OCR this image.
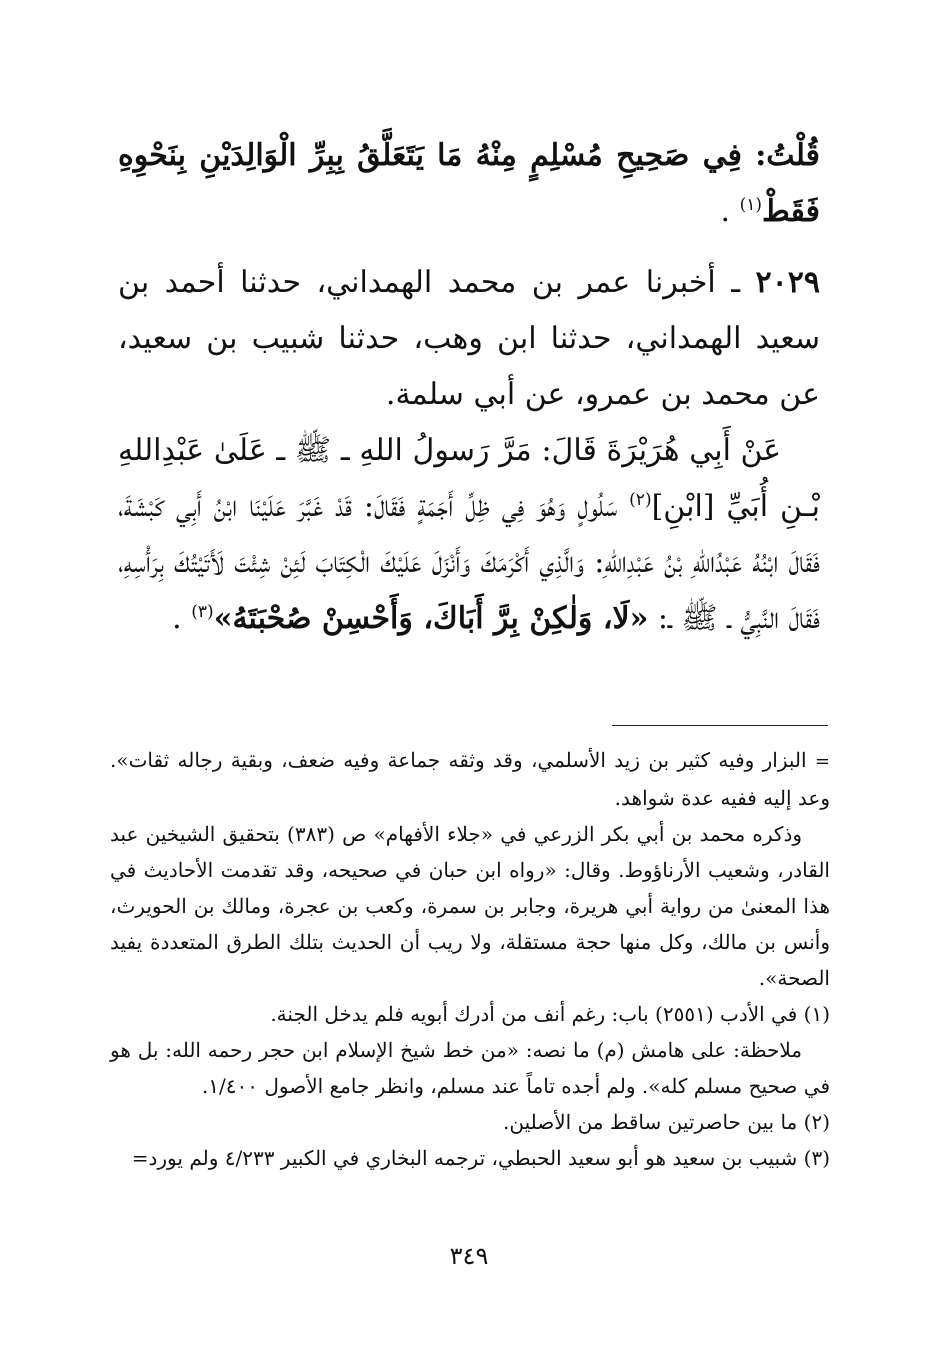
قُلْتُ: فِي صَحِيحِ مُسْلِمٍ مِنْهُ مَا يَتَعَلَّقُ بِبِرِّ الْوَالِدَيْنِ بِنَحْوِهِ فَقَطْ$^{(١)}$ .

٢٠٢٩ ـ أخبرنا عمر بن محمد الهمداني، حدثنا أحمد بن سعيد الهمداني، حدثنا ابن وهب، حدثنا شبيب بن سعيد، عن محمد بن عمرو، عن أبي سلمة.

عَنْ أَبِي هُرَيْرَةَ قَالَ: مَرَّ رَسولُ اللهِ ـ ﷺ ـ عَلَىٰ عَبْدِاللهِ بْـنِ أُبَيِّ [ابْنِ]$^{(٢)}$ سَلُولٍ وَهُوَ فِي ظِلِّ أَجَمَةٍ فَقَالَ: قَدْ غَبَّرَ عَلَيْنَا ابْنُ أَبِي كَبْشَةَ، فَقَالَ ابْنُهُ عَبْدُاللهِ بْنُ عَبْدِاللهِ: وَالَّذِي أَكْرَمَكَ وَأَنْزَلَ عَلَيْكَ الْكِتَابَ لَئِنْ شِئْتَ لَأَتَيْتُكَ بِرَأْسِهِ، فَقَالَ النَّبِيُّ ـ ﷺ ـ: «لَا، وَلٰكِنْ بِرَّ أَبَاكَ، وَأَحْسِنْ صُحْبَتَهُ»$^{(٣)}$ .

= البزار وفيه كثير بن زيد الأسلمي، وقد وثقه جماعة وفيه ضعف، وبقية رجاله ثقات». وعد إليه ففيه عدة شواهد.

وذكره محمد بن أبي بكر الزرعي في «جلاء الأفهام» ص (٣٨٣) بتحقيق الشيخين عبد القادر، وشعيب الأرناؤوط. وقال: «رواه ابن حبان في صحيحه، وقد تقدمت الأحاديث في هذا المعنىٰ من رواية أبي هريرة، وجابر بن سمرة، وكعب بن عجرة، ومالك بن الحويرث، وأنس بن مالك، وكل منها حجة مستقلة، ولا ريب أن الحديث بتلك الطرق المتعددة يفيد الصحة».

(١) في الأدب (٢٥٥١) باب: رغم أنف من أدرك أبويه فلم يدخل الجنة.

ملاحظة: على هامش (م) ما نصه: «من خط شيخ الإسلام ابن حجر رحمه الله: بل هو في صحيح مسلم كله». ولم أجده تاماً عند مسلم، وانظر جامع الأصول ١/٤٠٠.

(٢) ما بين حاصرتين ساقط من الأصلين.

(٣) شبيب بن سعيد هو أبو سعيد الحبطي، ترجمه البخاري في الكبير ٤/٢٣٣ ولم يورد=

٣٤٩
